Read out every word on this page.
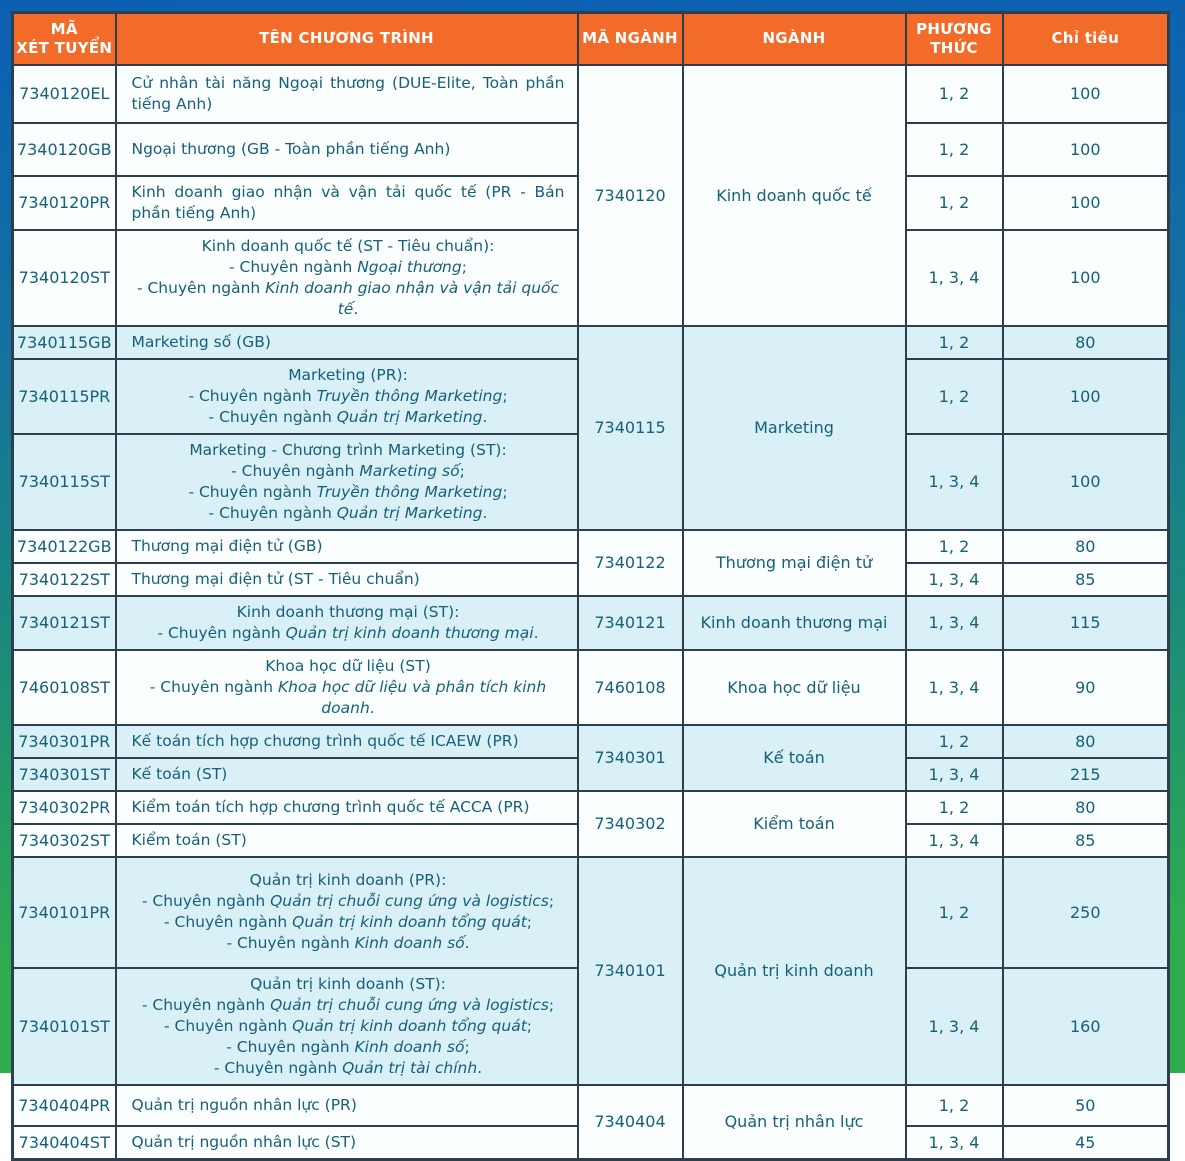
MÃ
XÉT TUYỂN	TÊN CHƯƠNG TRÌNH	MÃ NGÀNH	NGÀNH	PHƯƠNG
THỨC	Chỉ tiêu
7340120EL	Cử nhân tài năng Ngoại thương (DUE-Elite, Toàn phần tiếng Anh)	7340120	Kinh doanh quốc tế	1, 2	100
7340120GB	Ngoại thương (GB - Toàn phần tiếng Anh)			1, 2	100
7340120PR	Kinh doanh giao nhận và vận tải quốc tế (PR - Bán phần tiếng Anh)			1, 2	100
7340120ST	Kinh doanh quốc tế (ST - Tiêu chuẩn):
- Chuyên ngành Ngoại thương;
- Chuyên ngành Kinh doanh giao nhận và vận tải quốc tế.			1, 3, 4	100
7340115GB	Marketing số (GB)	7340115	Marketing	1, 2	80
7340115PR	Marketing (PR):
- Chuyên ngành Truyền thông Marketing;
- Chuyên ngành Quản trị Marketing.			1, 2	100
7340115ST	Marketing - Chương trình Marketing (ST):
- Chuyên ngành Marketing số;
- Chuyên ngành Truyền thông Marketing;
- Chuyên ngành Quản trị Marketing.			1, 3, 4	100
7340122GB	Thương mại điện tử (GB)	7340122	Thương mại điện tử	1, 2	80
7340122ST	Thương mại điện tử (ST - Tiêu chuẩn)			1, 3, 4	85
7340121ST	Kinh doanh thương mại (ST):
- Chuyên ngành Quản trị kinh doanh thương mại.	7340121	Kinh doanh thương mại	1, 3, 4	115
7460108ST	Khoa học dữ liệu (ST)
- Chuyên ngành Khoa học dữ liệu và phân tích kinh doanh.	7460108	Khoa học dữ liệu	1, 3, 4	90
7340301PR	Kế toán tích hợp chương trình quốc tế ICAEW (PR)	7340301	Kế toán	1, 2	80
7340301ST	Kế toán (ST)			1, 3, 4	215
7340302PR	Kiểm toán tích hợp chương trình quốc tế ACCA (PR)	7340302	Kiểm toán	1, 2	80
7340302ST	Kiểm toán (ST)			1, 3, 4	85
7340101PR	Quản trị kinh doanh (PR):
- Chuyên ngành Quản trị chuỗi cung ứng và logistics;
- Chuyên ngành Quản trị kinh doanh tổng quát;
- Chuyên ngành Kinh doanh số.	7340101	Quản trị kinh doanh	1, 2	250
7340101ST	Quản trị kinh doanh (ST):
- Chuyên ngành Quản trị chuỗi cung ứng và logistics;
- Chuyên ngành Quản trị kinh doanh tổng quát;
- Chuyên ngành Kinh doanh số;
- Chuyên ngành Quản trị tài chính.			1, 3, 4	160
7340404PR	Quản trị nguồn nhân lực (PR)	7340404	Quản trị nhân lực	1, 2	50
7340404ST	Quản trị nguồn nhân lực (ST)			1, 3, 4	45
